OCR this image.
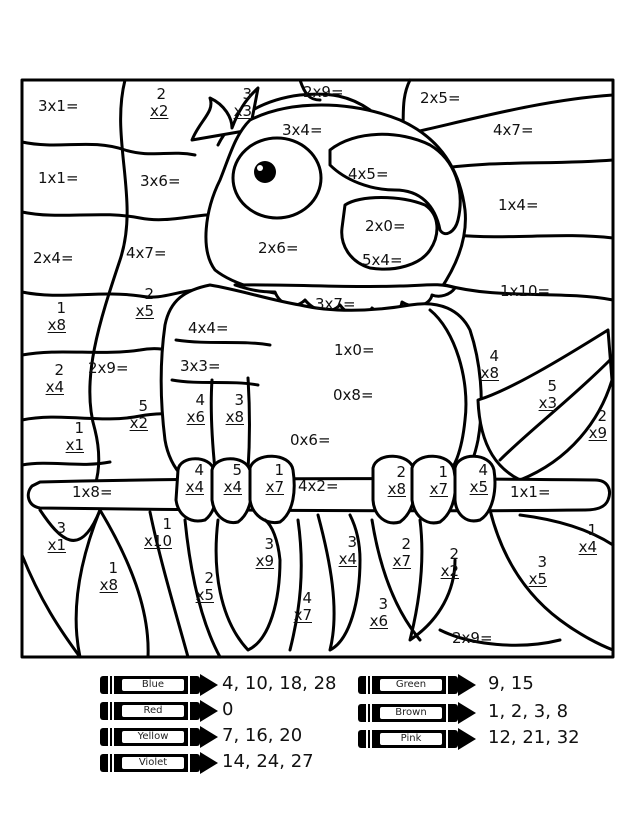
3x1=
2
x2
3
x3
2x9=	2x5=
3x4=	4x7=
1x1=	3x6=	4x5=
1x4=
2x0=
2x4=	4x7=	2x6=
5x4=
1x10=
1
x8
2
x5	3x7=
4x4=
1x0=	4
x8
2
x4
2x9=	3x3=
0x8=	5
x3
5
x2
4
x6
3
x8	2
x9
1
x1	0x6=
1x8=
4
x4
5
x4
1
x7 4x2=
2
x8
1
x7
4
x5 1x1=
3
x1
1
x10	3
x9
3
x4
2
x7	2
x2
1
x4
1
x8	2
x5	4
x7
3
x6
3
x5
2x9=
Blue	4, 10, 18, 28
Red	0
Yellow	7, 16, 20
Violet	14, 24, 27
Green	9, 15
Brown	1, 2, 3, 8
Pink	12, 21, 32
